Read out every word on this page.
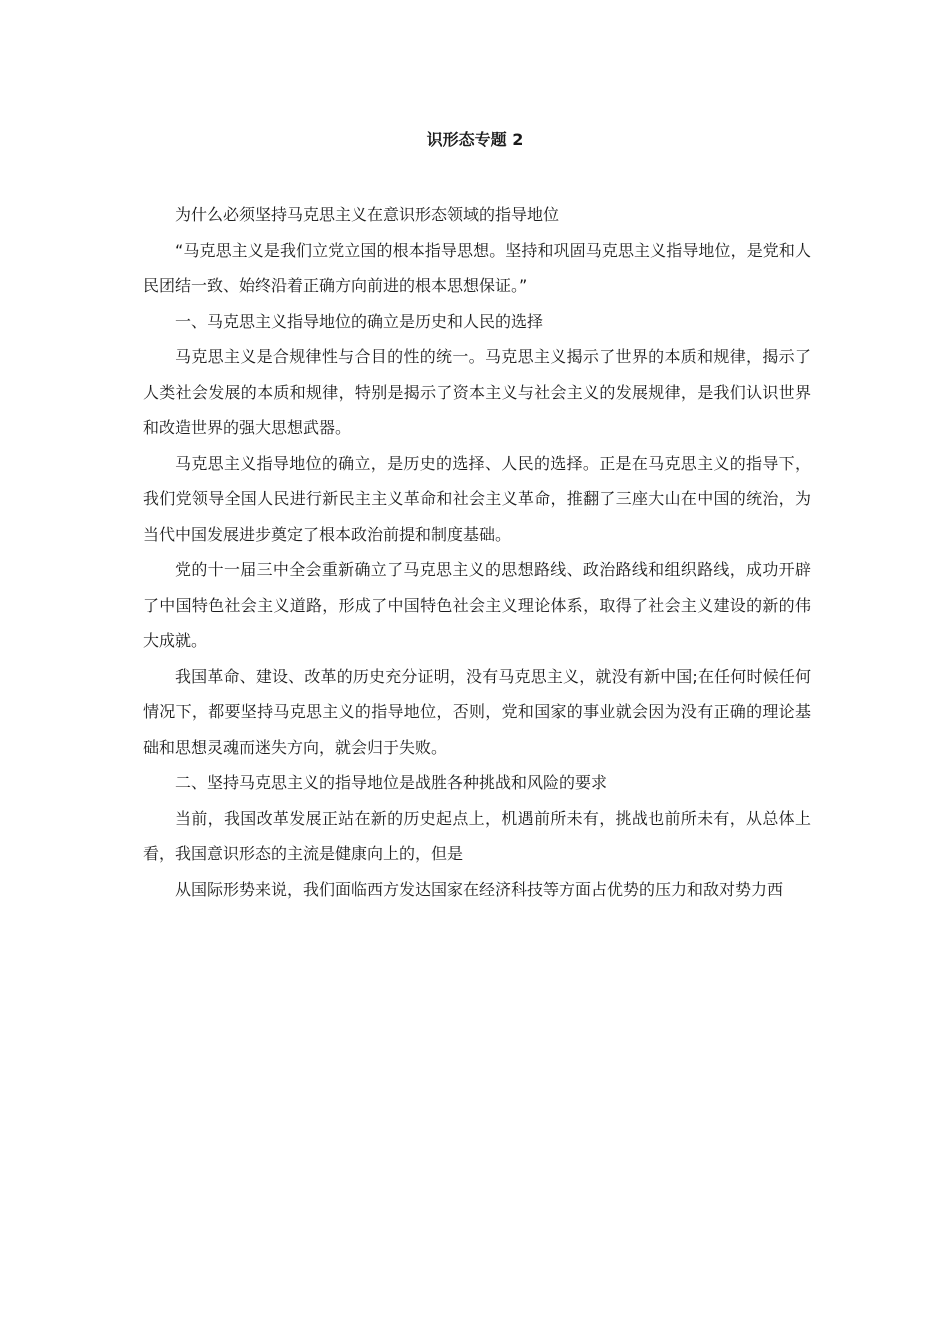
识形态专题 2

为什么必须坚持马克思主义在意识形态领域的指导地位

“马克思主义是我们立党立国的根本指导思想。坚持和巩固马克思主义指导地位，是党和人民团结一致、始终沿着正确方向前进的根本思想保证。”

一、马克思主义指导地位的确立是历史和人民的选择

马克思主义是合规律性与合目的性的统一。马克思主义揭示了世界的本质和规律，揭示了人类社会发展的本质和规律，特别是揭示了资本主义与社会主义的发展规律，是我们认识世界和改造世界的强大思想武器。

马克思主义指导地位的确立，是历史的选择、人民的选择。正是在马克思主义的指导下， 我们党领导全国人民进行新民主主义革命和社会主义革命，推翻了三座大山在中国的统治，为当代中国发展进步奠定了根本政治前提和制度基础。

党的十一届三中全会重新确立了马克思主义的思想路线、政治路线和组织路线，成功开辟了中国特色社会主义道路，形成了中国特色社会主义理论体系，取得了社会主义建设的新的伟大成就。

我国革命、建设、改革的历史充分证明，没有马克思主义，就没有新中国;在任何时候任何情况下，都要坚持马克思主义的指导地位，否则，党和国家的事业就会因为没有正确的理论基础和思想灵魂而迷失方向，就会归于失败。

二、坚持马克思主义的指导地位是战胜各种挑战和风险的要求

当前，我国改革发展正站在新的历史起点上，机遇前所未有，挑战也前所未有，从总体上看，我国意识形态的主流是健康向上的，但是

从国际形势来说，我们面临西方发达国家在经济科技等方面占优势的压力和敌对势力西
